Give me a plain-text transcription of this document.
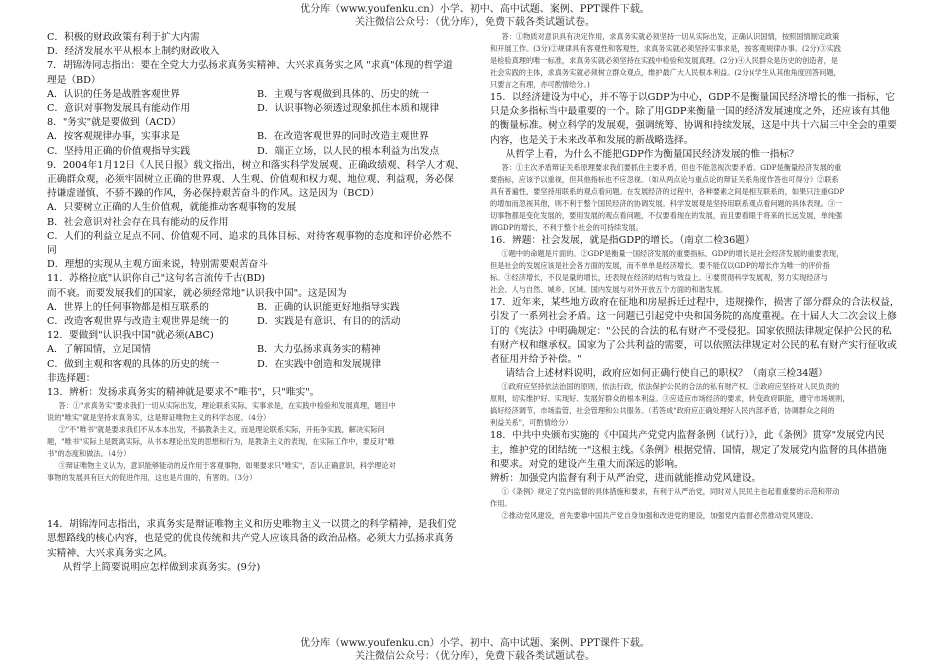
优分库（www.youfenku.cn）小学、初中、高中试题、案例、PPT课件下载。
关注微信公众号：（优分库），免费下载各类试题试卷。
C．积极的财政政策有利于扩大内需
D．经济发展水平从根本上制约财政收入
7．胡锦涛同志指出：要在全党大力弘扬求真务实精神、大兴求真务实之风 "求真"体现的哲学道
理是（BD）
A．认识的任务是战胜客观世界	B．主观与客观做到具体的、历史的统一
C．意识对事物发展具有能动作用	D．认识事物必须透过现象抓住本质和规律
8．"务实"就是要做到（ACD）
A．按客观规律办事，实事求是	B．在改造客观世界的同时改造主观世界
C．坚持用正确的价值观指导实践	D．端正立场，以人民的根本利益为出发点
9．2004年1月12日《人民日报》载文指出，树立和落实科学发展观、正确政绩观、科学人才观、
正确群众观，必须牢固树立正确的世界观、人生观、价值观和权力观、地位观、利益观，务必保
持谦虚谨慎、不骄不躁的作风，务必保持艰苦奋斗的作风。这是因为（BCD）
A．只要树立正确的人生价值观，就能推动客观事物的发展
B．社会意识对社会存在具有能动的反作用
C．人们的利益立足点不同、价值观不同、追求的具体目标、对待客观事物的态度和评价必然不
同
D．理想的实现从主观方面来说，特别需要艰苦奋斗
11．苏格拉底"认识你自己"这句名言流传千古(BD)
而不衰。而要发展我们的国家，就必须经常地"认识我中国"。这是因为
A．世界上的任何事物都是相互联系的	B．正确的认识能更好地指导实践
C．改造客观世界与改造主观世界是统一的	D．实践是有意识、有目的的活动
12．要做到"认识我中国"就必须(ABC)
A．了解国情，立足国情	B．大力弘扬求真务实的精神
C．做到主观和客观的具体的历史的统一	D．在实践中创造和发展规律
非选择题：
13．辨析：发扬求真务实的精神就是要求不"唯书"，只"唯实"。
答：①"求真务实"要求我们一切从实际出发，理论联系实际，实事求是，在实践中检验和发展真理，题目中
说的"唯实"就是坚持求真务实，这是辩证唯物主义的科学态度。（4分）
②"不"唯书"就是要求我们不从本本出发，不搞教条主义，而是理论联系实际，开拓争实践，解决实际问
题，"唯书"实际上是既离实际，从书本理论出发的思想和行为，是教条主义的表现，在实际工作中，要反对"唯
书"的态度和做法。（4分）
③辩证唯物主义认为，意识能够能动的反作用于客观事物，如果要求只"唯实"，否认正确意识，科学理论对
事物的发展具有巨大的促进作用，这也是片面的，有害的。（3分）
14．胡锦涛同志指出，求真务实是辩证唯物主义和历史唯物主义一以贯之的科学精神，是我们党
思想路线的核心内容，也是党的优良传统和共产党人应该具备的政治品格。必须大力弘扬求真务
实精神、大兴求真务实之风。
从哲学上简要说明应怎样做到求真务实。(9分)
答：①物质对意识具有决定作用，求真务实就必须坚持一切从实际出发，正确认识国情，按照国情制定政策
和开展工作。(3分)②规律具有客观性和客观性，求真务实就必须坚持实事求是，按客观规律办事。(2分)③实践
是检验真理的唯一标准，求真务实就必须坚持在实践中检验和发展真理。(2分)④人民群众是历史的创造者，是
社会实践的主体，求真务实就必须树立群众观点，维护最广大人民根本利益。(2分)(学生从其他角度回答问题，
只要言之有理，亦可酌情给分。)
15．以经济建设为中心，并不等于以GDP为中心，GDP不是衡量国民经济增长的惟一指标，它
只是众多指标当中最重要的一个。除了用GDP来衡量一国的经济发展速度之外，还应该有其他
的衡量标准。树立科学的发展观，强调统筹、协调和持续发展，这是中共十六届三中全会的重要
内容，也是关于未来改革和发展的新战略选择。
从哲学上看，为什么不能把GDP作为衡量国民经济发展的惟一指标？
答：①主次矛盾辩证关系原理要求我们要抓住主要矛盾，但也不能忽视次要矛盾。GDP是衡量经济发展的重
要指标，应该予以重视，但其他指标也不应忽视。（如从两点论与重点论的辩证关系角度作答也可得分）②联系
具有普遍性，要坚持用联系的观点看问题。在发展经济的过程中，各种要素之间是相互联系的，如果只注重GDP
的增加而忽视其他，则不利于整个国民经济的协调发展。科学发展观是坚持用联系观点看问题的具体表现。③一
切事物都是变化发展的，要用发展的观点看问题，不仅要看现在的发展，而且要看眼于将来的长远发展，单纯强
调GDP的增长，不利于整个社会的可持续发展。
16．辨题：社会发展，就是指GDP的增长。（南京二检36题）
①题中的命题是片面的。②GDP是衡量一国经济发展的重要指标，GDP的增长是社会经济发展的重要表现，
但是社会的发展应该是社会各方面的发展，而不单单是经济增长。要不能仅以GDP的增长作为唯一的评价指
标。③经济增长，不仅是量的增长，还表现在经济的结构与效益上。④要贯彻科学发展观，努力实现经济与
社会、人与自然、城乡、区域、国内发展与对外开放五个方面的和谐发展。
17．近年来，某些地方政府在征地和房屋拆迁过程中，违规操作，损害了部分群众的合法权益，
引发了一系列社会矛盾。这一问题已引起党中央和国务院的高度重视。在十届人大二次会议上修
订的《宪法》中明确规定："公民的合法的私有财产不受侵犯。国家依照法律规定保护公民的私
有财产权和继承权。国家为了公共利益的需要，可以依照法律规定对公民的私有财产实行征收或
者征用并给予补偿。"
请结合上述材料说明，政府应如何正确行使自己的职权？（南京三检34题）
①政府应坚持依法治国的原则，依法行政，依法保护公民的合法的私有财产权。②政府应坚持对人民负责的
原则，切实维护好、实现好、发展好群众的根本利益。③应适应市场经济的要求，转变政府职能，遵守市场规则，
搞好经济调节，市场监管，社会管理和公共服务。（若答成"政府应正确处理好人民内部矛盾，协调群众之间的
利益关系"，可酌情给分）
18．中共中央颁布实施的《中国共产党党内监督条例（试行）》，此《条例》贯穿"发展党内民
主，维护党的团结统一"这根主线。《条例》根据党情、国情，规定了发展党内监督的具体措施
和要求。对党的建设产生重大而深远的影响。
辨析：加强党内监督有利于从严治党，进而就能推动党风建设。
①《条例》规定了党内监督的具体措施和要求，有利于从严治党，同时对人民民主也起着重要的示范和带动
作用。
②推动党风建设，首先要靠中国共产党自身加强和改进党的建设，加强党内监督必然推动党风建设。
优分库（www.youfenku.cn）小学、初中、高中试题、案例、PPT课件下载。
关注微信公众号：（优分库），免费下载各类试题试卷。
